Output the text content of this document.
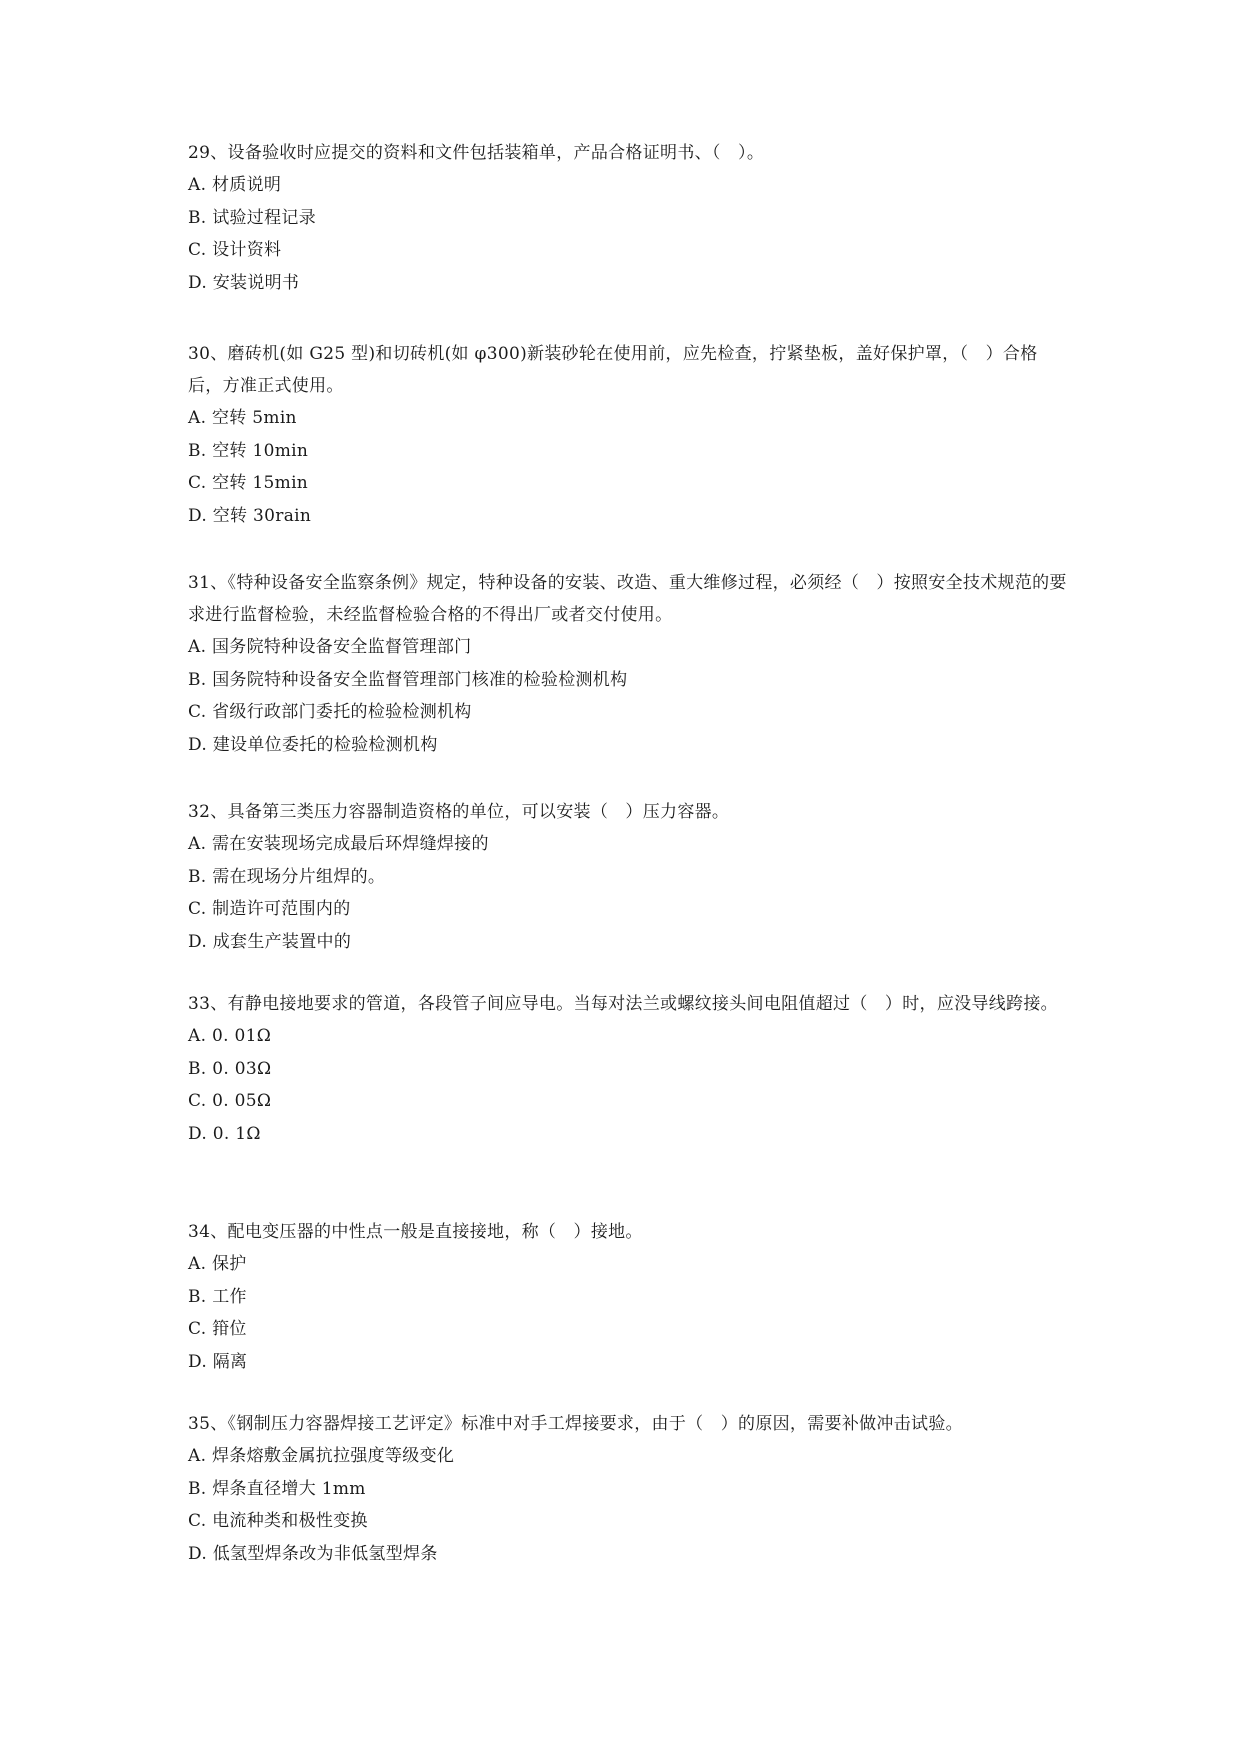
29、设备验收时应提交的资料和文件包括装箱单，产品合格证明书、（　）。

A. 材质说明

B. 试验过程记录

C. 设计资料

D. 安装说明书

30、磨砖机(如 G25 型)和切砖机(如 φ300)新装砂轮在使用前，应先检查，拧紧垫板，盖好保护罩，（　）合格后，方准正式使用。

A. 空转 5min

B. 空转 10min

C. 空转 15min

D. 空转 30rain

31、《特种设备安全监察条例》规定，特种设备的安装、改造、重大维修过程，必须经（　）按照安全技术规范的要求进行监督检验，未经监督检验合格的不得出厂或者交付使用。

A. 国务院特种设备安全监督管理部门

B. 国务院特种设备安全监督管理部门核准的检验检测机构

C. 省级行政部门委托的检验检测机构

D. 建设单位委托的检验检测机构

32、具备第三类压力容器制造资格的单位，可以安装（　）压力容器。

A. 需在安装现场完成最后环焊缝焊接的

B. 需在现场分片组焊的。

C. 制造许可范围内的

D. 成套生产装置中的

33、有静电接地要求的管道，各段管子间应导电。当每对法兰或螺纹接头间电阻值超过（　）时，应没导线跨接。

A. 0. 01Ω

B. 0. 03Ω

C. 0. 05Ω

D. 0. 1Ω

34、配电变压器的中性点一般是直接接地，称（　）接地。

A. 保护

B. 工作

C. 箝位

D. 隔离

35、《钢制压力容器焊接工艺评定》标准中对手工焊接要求，由于（　）的原因，需要补做冲击试验。

A. 焊条熔敷金属抗拉强度等级变化

B. 焊条直径增大 1mm

C. 电流种类和极性变换

D. 低氢型焊条改为非低氢型焊条
